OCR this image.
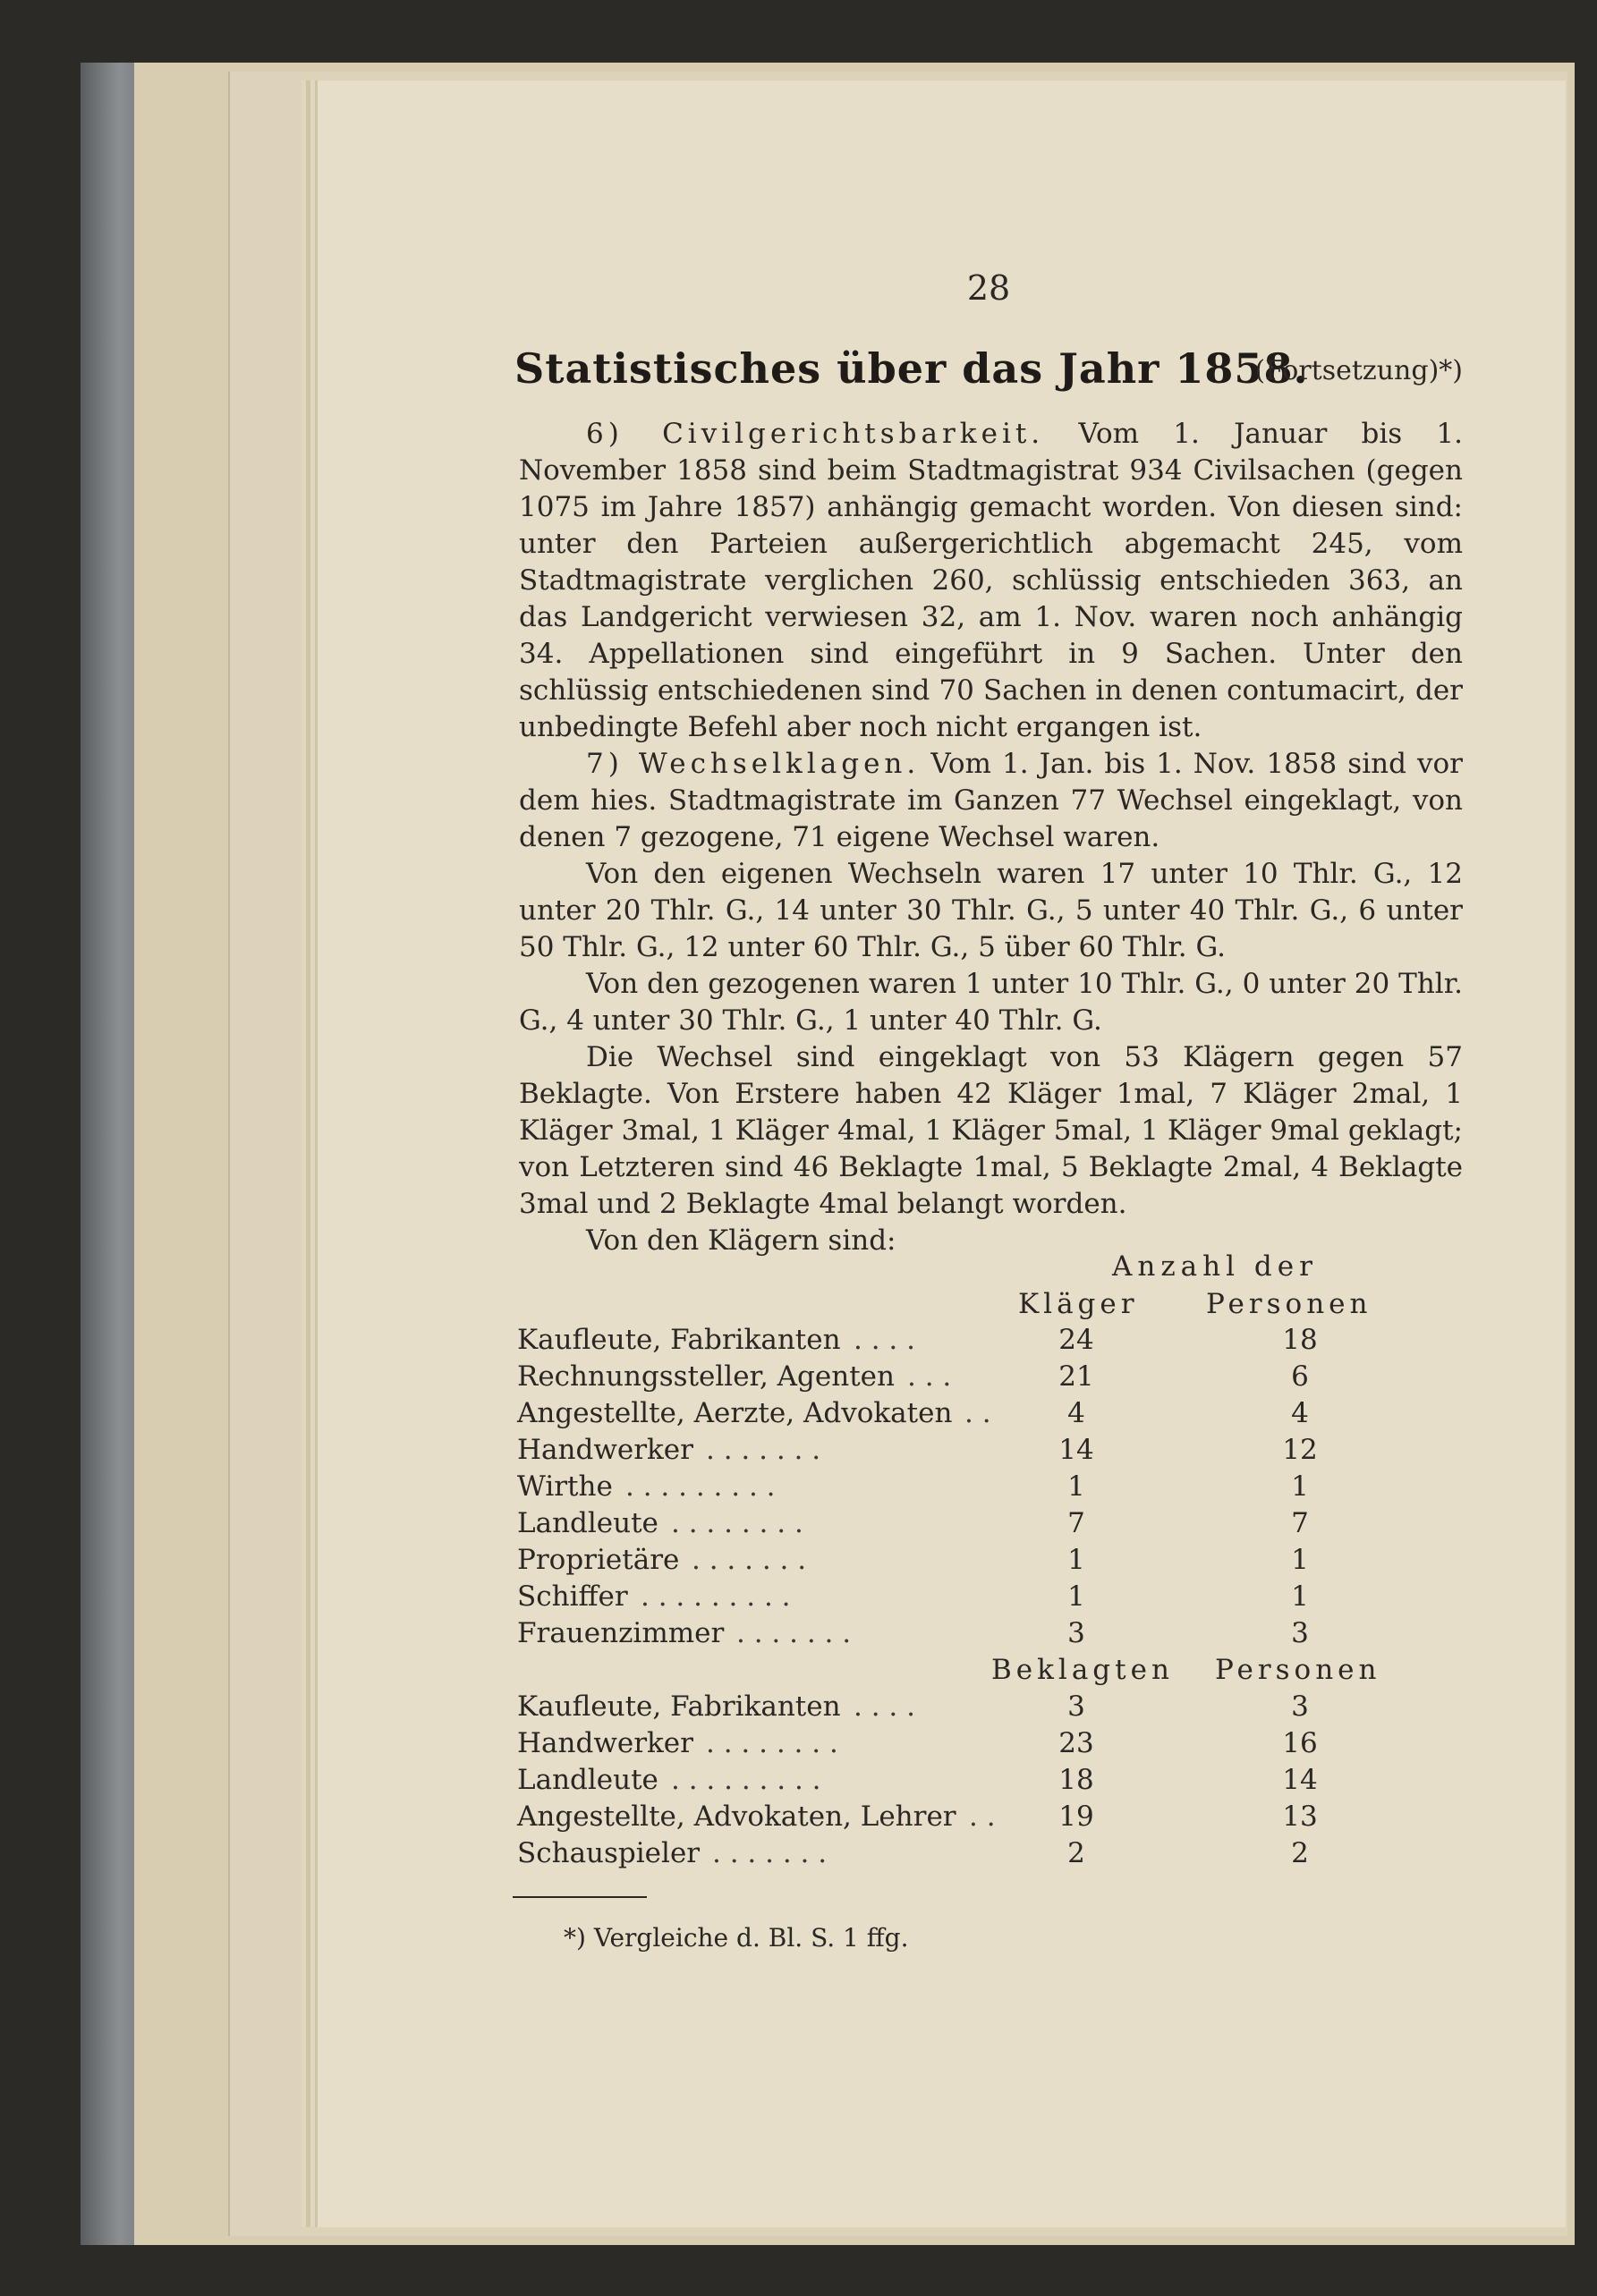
28
Statistisches über das Jahr 1858.
(Fortsetzung)*)

6) Civilgerichtsbarkeit. Vom 1. Januar bis 1. November 1858 sind beim Stadtmagistrat 934 Civilsachen (gegen 1075 im Jahre 1857) anhängig gemacht worden. Von diesen sind: unter den Parteien außergerichtlich abgemacht 245, vom Stadtmagistrate verglichen 260, schlüssig entschieden 363, an das Landgericht verwiesen 32, am 1. Nov. waren noch anhängig 34. Appellationen sind eingeführt in 9 Sachen. Unter den schlüssig entschiedenen sind 70 Sachen in denen contumacirt, der unbedingte Befehl aber noch nicht ergangen ist.

7) Wechselklagen. Vom 1. Jan. bis 1. Nov. 1858 sind vor dem hies. Stadtmagistrate im Ganzen 77 Wechsel eingeklagt, von denen 7 gezogene, 71 eigene Wechsel waren.

Von den eigenen Wechseln waren 17 unter 10 Thlr. G., 12 unter 20 Thlr. G., 14 unter 30 Thlr. G., 5 unter 40 Thlr. G., 6 unter 50 Thlr. G., 12 unter 60 Thlr. G., 5 über 60 Thlr. G.

Von den gezogenen waren 1 unter 10 Thlr. G., 0 unter 20 Thlr. G., 4 unter 30 Thlr. G., 1 unter 40 Thlr. G.

Die Wechsel sind eingeklagt von 53 Klägern gegen 57 Beklagte. Von Erstere haben 42 Kläger 1mal, 7 Kläger 2mal, 1 Kläger 3mal, 1 Kläger 4mal, 1 Kläger 5mal, 1 Kläger 9mal geklagt; von Letzteren sind 46 Beklagte 1mal, 5 Beklagte 2mal, 4 Beklagte 3mal und 2 Beklagte 4mal belangt worden.

Von den Klägern sind:

Anzahl der
Kläger Personen
Kaufleute, Fabrikanten . . . .	24	18
Rechnungssteller, Agenten . . .	21	6
Angestellte, Aerzte, Advokaten . .	4	4
Handwerker . . . . . . .	14	12
Wirthe . . . . . . . . .	1	1
Landleute . . . . . . . .	7	7
Proprietäre . . . . . . .	1	1
Schiffer . . . . . . . . .	1	1
Frauenzimmer . . . . . . .	3	3
Beklagten Personen
Kaufleute, Fabrikanten . . . .	3	3
Handwerker . . . . . . . .	23	16
Landleute . . . . . . . . .	18	14
Angestellte, Advokaten, Lehrer . .	19	13
Schauspieler . . . . . . .	2	2
*) Vergleiche d. Bl. S. 1 ffg.
